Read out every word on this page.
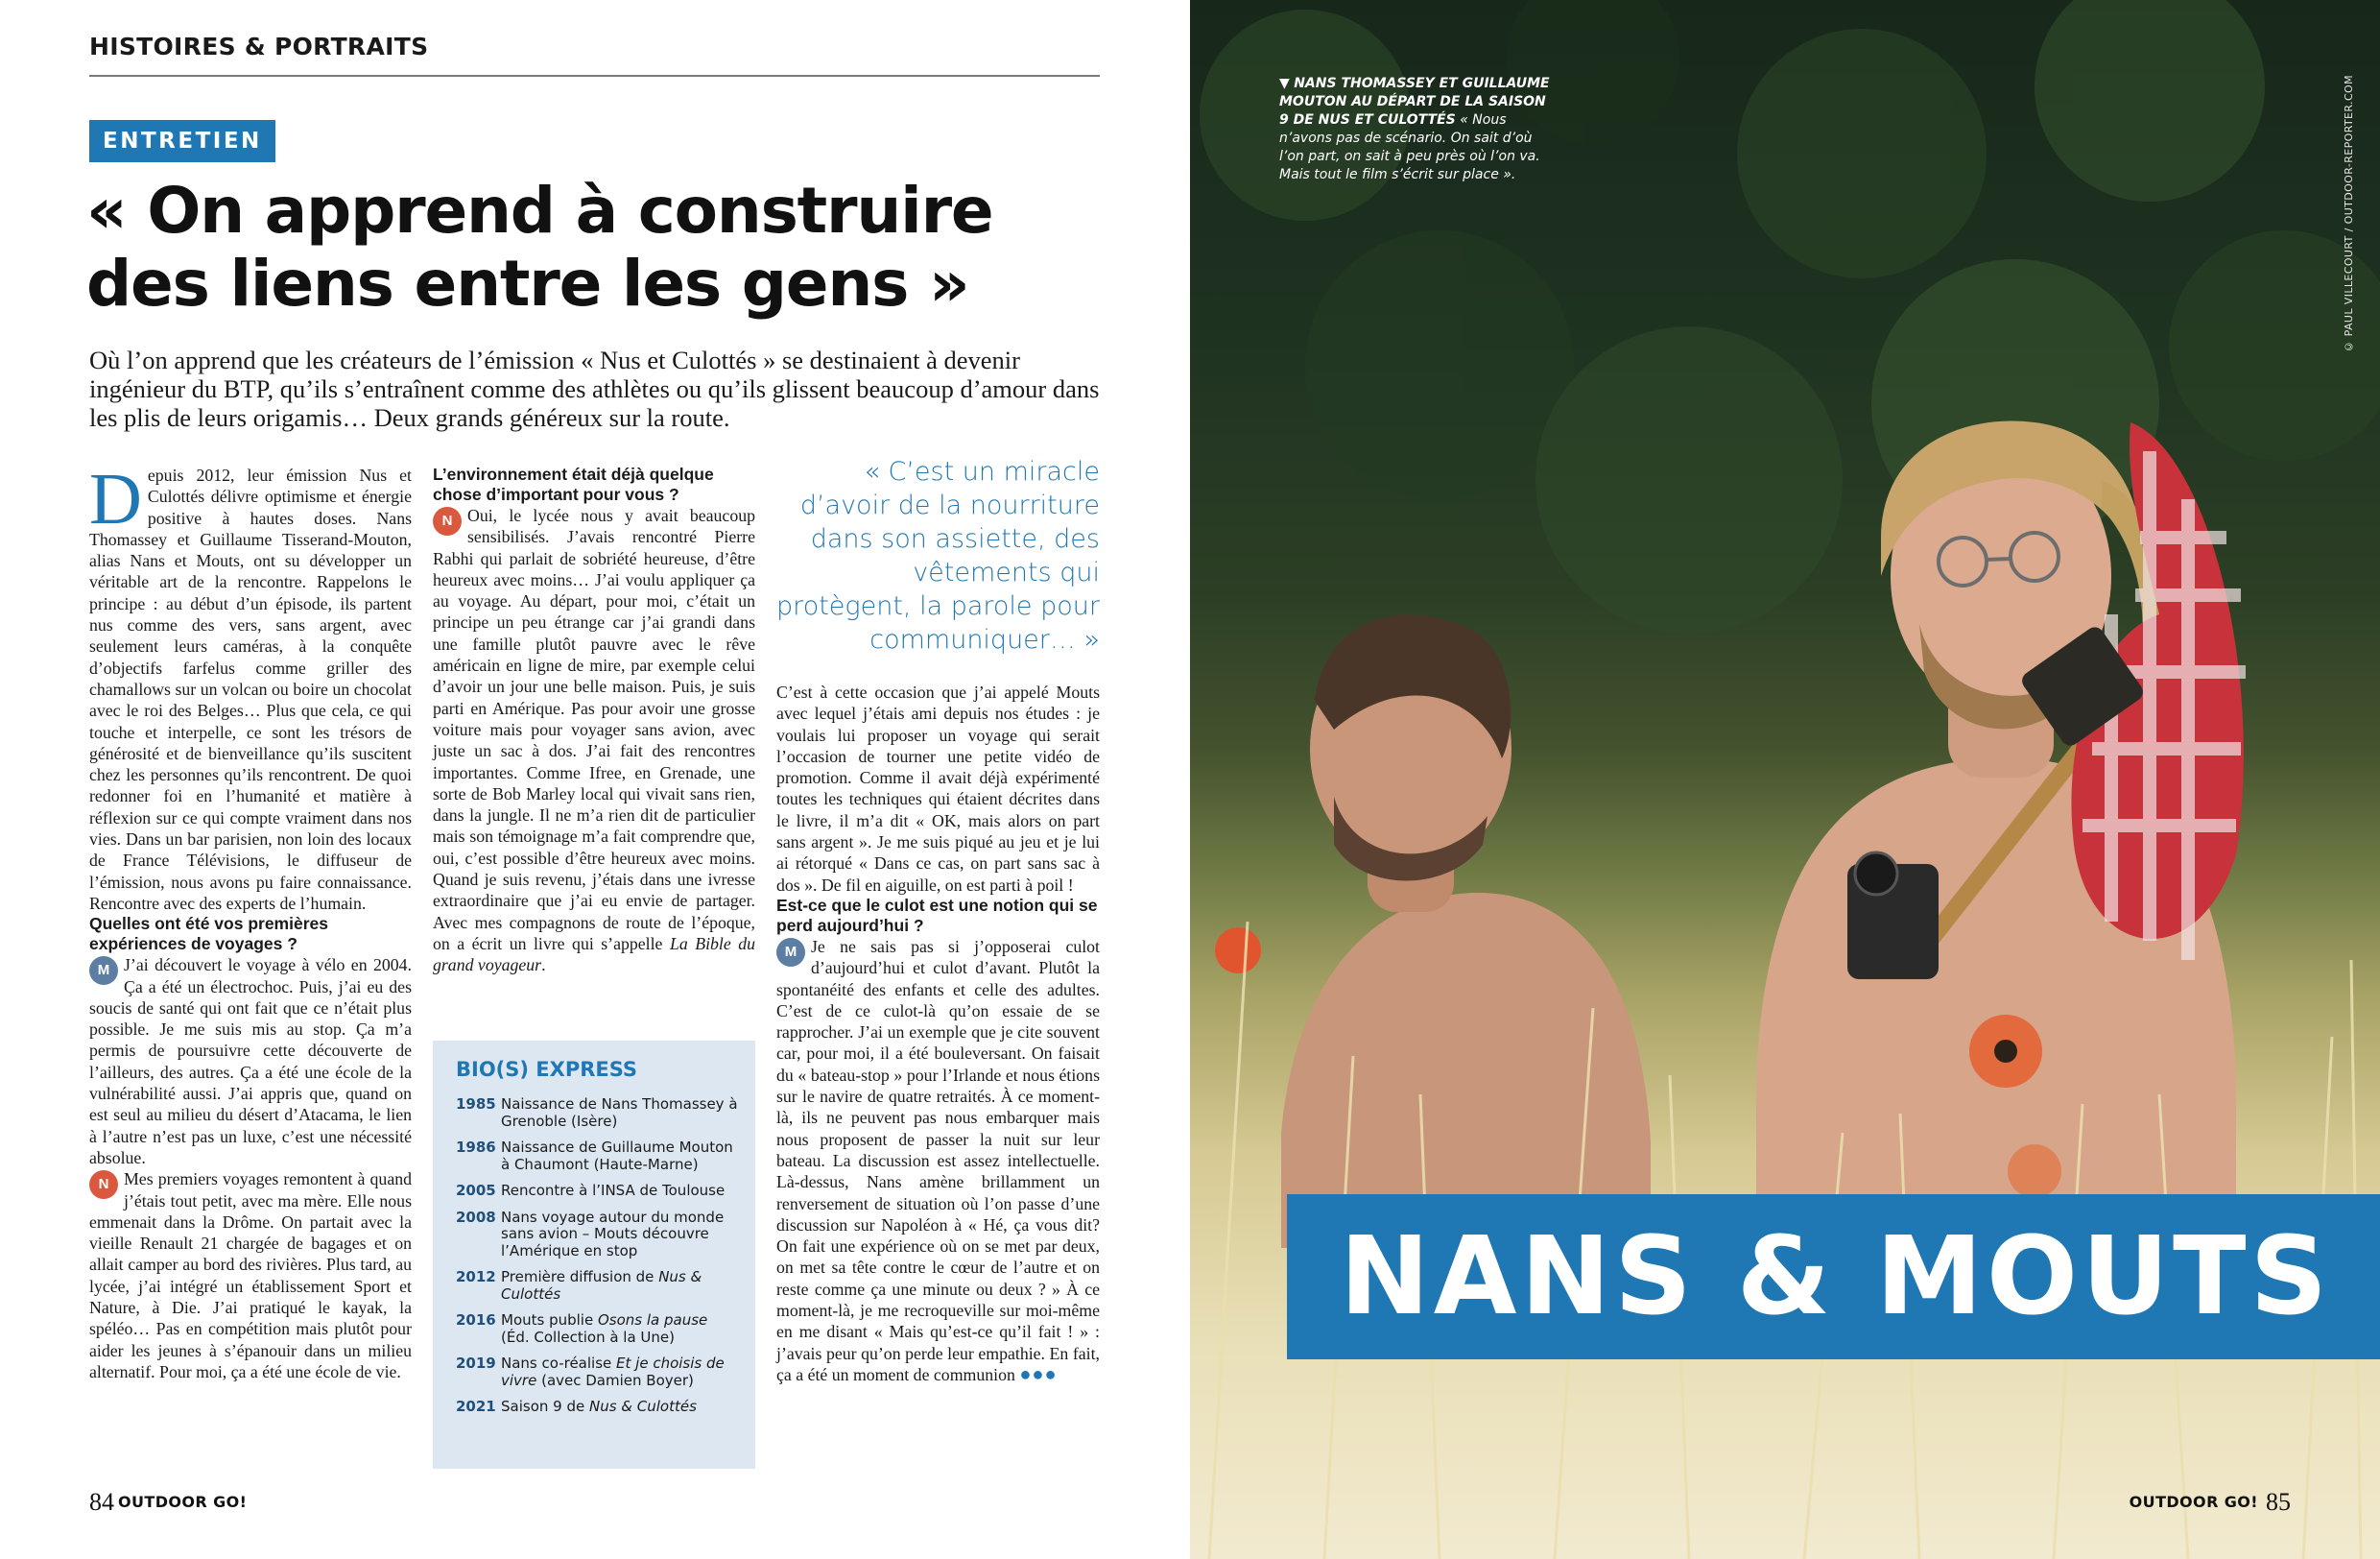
HISTOIRES & PORTRAITS
ENTRETIEN
« On apprend à construire
des liens entre les gens »

Où l’on apprend que les créateurs de l’émission « Nus et Culottés » se destinaient à devenir ingénieur du BTP, qu’ils s’entraînent comme des athlètes ou qu’ils glissent beaucoup d’amour dans les plis de leurs origamis… Deux grands généreux sur la route.

Depuis 2012, leur émission Nus et Culottés délivre optimisme et énergie positive à hautes doses. Nans Thomassey et Guillaume Tisserand-Mouton, alias Nans et Mouts, ont su développer un véritable art de la rencontre. Rappelons le principe : au début d’un épisode, ils partent nus comme des vers, sans argent, avec seulement leurs caméras, à la conquête d’objectifs farfelus comme griller des chamallows sur un volcan ou boire un chocolat avec le roi des Belges… Plus que cela, ce qui touche et interpelle, ce sont les trésors de générosité et de bienveillance qu’ils suscitent chez les personnes qu’ils rencontrent. De quoi redonner foi en l’humanité et matière à réflexion sur ce qui compte vraiment dans nos vies. Dans un bar parisien, non loin des locaux de France Télévisions, le diffuseur de l’émission, nous avons pu faire connaissance. Rencontre avec des experts de l’humain.

Quelles ont été vos premières expériences de voyages ?

M J’ai découvert le voyage à vélo en 2004. Ça a été un électrochoc. Puis, j’ai eu des soucis de santé qui ont fait que ce n’était plus possible. Je me suis mis au stop. Ça m’a permis de poursuivre cette découverte de l’ailleurs, des autres. Ça a été une école de la vulnérabilité aussi. J’ai appris que, quand on est seul au milieu du désert d’Atacama, le lien à l’autre n’est pas un luxe, c’est une nécessité absolue.

N Mes premiers voyages remontent à quand j’étais tout petit, avec ma mère. Elle nous emmenait dans la Drôme. On partait avec la vieille Renault 21 chargée de bagages et on allait camper au bord des rivières. Plus tard, au lycée, j’ai intégré un établissement Sport et Nature, à Die. J’ai pratiqué le kayak, la spéléo… Pas en compétition mais plutôt pour aider les jeunes à s’épanouir dans un milieu alternatif. Pour moi, ça a été une école de vie.

L’environnement était déjà quelque chose d’important pour vous ?

N Oui, le lycée nous y avait beaucoup sensibilisés. J’avais rencontré Pierre Rabhi qui parlait de sobriété heureuse, d’être heureux avec moins… J’ai voulu appliquer ça au voyage. Au départ, pour moi, c’était un principe un peu étrange car j’ai grandi dans une famille plutôt pauvre avec le rêve américain en ligne de mire, par exemple celui d’avoir un jour une belle maison. Puis, je suis parti en Amérique. Pas pour avoir une grosse voiture mais pour voyager sans avion, avec juste un sac à dos. J’ai fait des rencontres importantes. Comme Ifree, en Grenade, une sorte de Bob Marley local qui vivait sans rien, dans la jungle. Il ne m’a rien dit de particulier mais son témoignage m’a fait comprendre que, oui, c’est possible d’être heureux avec moins. Quand je suis revenu, j’étais dans une ivresse extraordinaire que j’ai eu envie de partager. Avec mes compagnons de route de l’époque, on a écrit un livre qui s’appelle La Bible du grand voyageur.

BIO(S) EXPRESS
1985 Naissance de Nans Thomassey à Grenoble (Isère)
1986 Naissance de Guillaume Mouton à Chaumont (Haute-Marne)
2005 Rencontre à l’INSA de Toulouse
2008 Nans voyage autour du monde sans avion – Mouts découvre l’Amérique en stop
2012 Première diffusion de Nus & Culottés
2016 Mouts publie Osons la pause (Éd. Collection à la Une)
2019 Nans co-réalise Et je choisis de vivre (avec Damien Boyer)
2021 Saison 9 de Nus & Culottés
« C’est un miracle d’avoir de la nourriture dans son assiette, des vêtements qui protègent, la parole pour communiquer… »

C’est à cette occasion que j’ai appelé Mouts avec lequel j’étais ami depuis nos études : je voulais lui proposer un voyage qui serait l’occasion de tourner une petite vidéo de promotion. Comme il avait déjà expérimenté toutes les techniques qui étaient décrites dans le livre, il m’a dit « OK, mais alors on part sans argent ». Je me suis piqué au jeu et je lui ai rétorqué « Dans ce cas, on part sans sac à dos ». De fil en aiguille, on est parti à poil !

Est-ce que le culot est une notion qui se perd aujourd’hui ?

M Je ne sais pas si j’opposerai culot d’aujourd’hui et culot d’avant. Plutôt la spontanéité des enfants et celle des adultes. C’est de ce culot-là qu’on essaie de se rapprocher. J’ai un exemple que je cite souvent car, pour moi, il a été bouleversant. On faisait du « bateau-stop » pour l’Irlande et nous étions sur le navire de quatre retraités. À ce moment-là, ils ne peuvent pas nous embarquer mais nous proposent de passer la nuit sur leur bateau. La discussion est assez intellectuelle. Là-dessus, Nans amène brillamment un renversement de situation où l’on passe d’une discussion sur Napoléon à « Hé, ça vous dit? On fait une expérience où on se met par deux, on met sa tête contre le cœur de l’autre et on reste comme ça une minute ou deux ? » À ce moment-là, je me recroqueville sur moi-même en me disant « Mais qu’est-ce qu’il fait ! » : j’avais peur qu’on perde leur empathie. En fait, ça a été un moment de communion ●●●

84 OUTDOOR GO!
▼ NANS THOMASSEY ET GUILLAUME MOUTON AU DÉPART DE LA SAISON 9 DE NUS ET CULOTTÉS « Nous n’avons pas de scénario. On sait d’où l’on part, on sait à peu près où l’on va. Mais tout le film s’écrit sur place ».	© PAUL VILLECOURT / OUTDOOR-REPORTER.COM
NANS & MOUTS
OUTDOOR GO! 85
